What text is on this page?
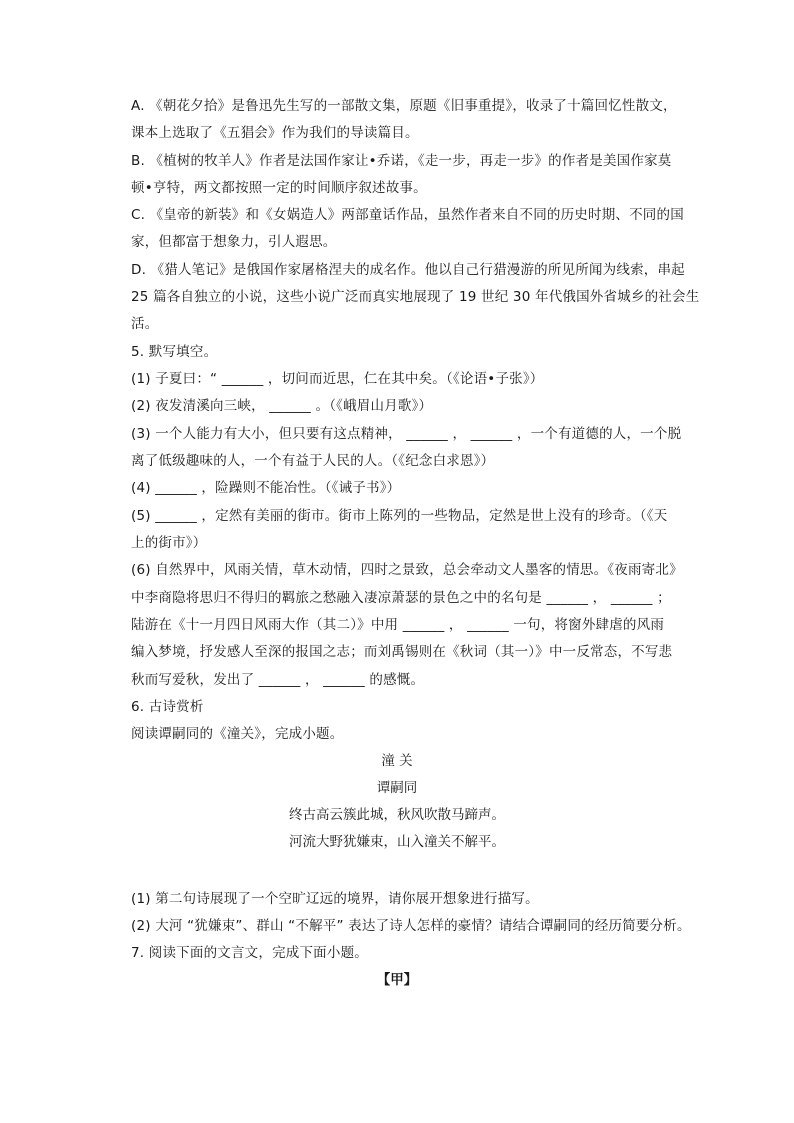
A. 《朝花夕拾》是鲁迅先生写的一部散文集，原题《旧事重提》，收录了十篇回忆性散文，
课本上选取了《五猖会》作为我们的导读篇目。
B. 《植树的牧羊人》作者是法国作家让•乔诺，《走一步，再走一步》的作者是美国作家莫
顿•亨特，两文都按照一定的时间顺序叙述故事。
C. 《皇帝的新装》和《女娲造人》两部童话作品，虽然作者来自不同的历史时期、不同的国
家，但都富于想象力，引人遐思。
D. 《猎人笔记》是俄国作家屠格涅夫的成名作。他以自己行猎漫游的所见所闻为线索，串起
25 篇各自独立的小说，这些小说广泛而真实地展现了 19 世纪 30 年代俄国外省城乡的社会生
活。
5. 默写填空。
(1) 子夏曰：“ ______ ，切问而近思，仁在其中矣。（《论语•子张》）
(2) 夜发清溪向三峡， ______ 。（《峨眉山月歌》）
(3) 一个人能力有大小，但只要有这点精神， ______ ， ______ ，一个有道德的人，一个脱
离了低级趣味的人，一个有益于人民的人。（《纪念白求恩》）
(4) ______ ，险躁则不能冶性。（《诫子书》）
(5) ______ ，定然有美丽的街市。街市上陈列的一些物品，定然是世上没有的珍奇。（《天
上的街市》）
(6) 自然界中，风雨关情，草木动情，四时之景致，总会牵动文人墨客的情思。《夜雨寄北》
中李商隐将思归不得归的羁旅之愁融入凄凉萧瑟的景色之中的名句是 ______ ， ______ ；
陆游在《十一月四日风雨大作（其二）》中用 ______ ， ______ 一句，将窗外肆虐的风雨
编入梦境，抒发感人至深的报国之志；而刘禹锡则在《秋词（其一）》中一反常态，不写悲
秋而写爱秋，发出了 ______ ， ______ 的感慨。
6. 古诗赏析
阅读谭嗣同的《潼关》，完成小题。
潼 关
谭嗣同
终古高云簇此城，秋风吹散马蹄声。
河流大野犹嫌束，山入潼关不解平。
(1) 第二句诗展现了一个空旷辽远的境界，请你展开想象进行描写。
(2) 大河 “犹嫌束”、群山 “不解平” 表达了诗人怎样的豪情？请结合谭嗣同的经历简要分析。
7. 阅读下面的文言文，完成下面小题。
【甲】
